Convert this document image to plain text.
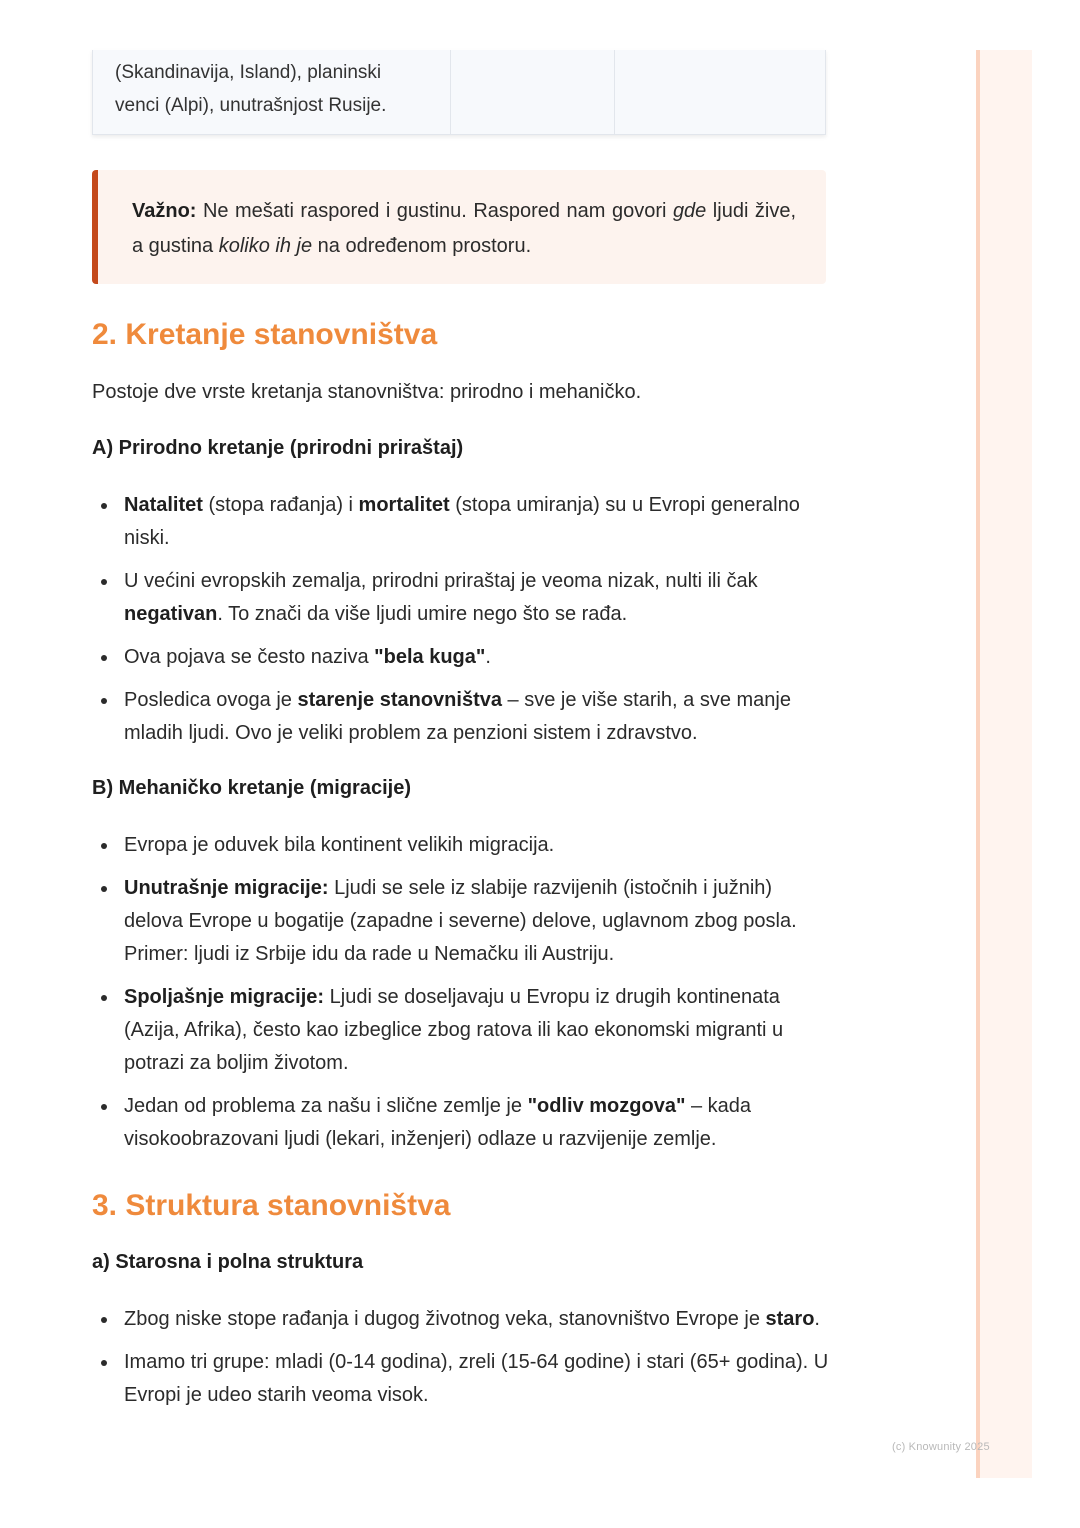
(Skandinavija, Island), planinski
venci (Alpi), unutrašnjost Rusije.
Važno: Ne mešati raspored i gustinu. Raspored nam govori gde ljudi žive, a gustina koliko ih je na određenom prostoru.
2. Kretanje stanovništva

Postoje dve vrste kretanja stanovništva: prirodno i mehaničko.

A) Prirodno kretanje (prirodni priraštaj)

Natalitet (stopa rađanja) i mortalitet (stopa umiranja) su u Evropi generalno niski.
U većini evropskih zemalja, prirodni priraštaj je veoma nizak, nulti ili čak negativan. To znači da više ljudi umire nego što se rađa.
Ova pojava se često naziva "bela kuga".
Posledica ovoga je starenje stanovništva – sve je više starih, a sve manje mladih ljudi. Ovo je veliki problem za penzioni sistem i zdravstvo.

B) Mehaničko kretanje (migracije)

Evropa je oduvek bila kontinent velikih migracija.
Unutrašnje migracije: Ljudi se sele iz slabije razvijenih (istočnih i južnih) delova Evrope u bogatije (zapadne i severne) delove, uglavnom zbog posla. Primer: ljudi iz Srbije idu da rade u Nemačku ili Austriju.
Spoljašnje migracije: Ljudi se doseljavaju u Evropu iz drugih kontinenata (Azija, Afrika), često kao izbeglice zbog ratova ili kao ekonomski migranti u potrazi za boljim životom.
Jedan od problema za našu i slične zemlje je "odliv mozgova" – kada visokoobrazovani ljudi (lekari, inženjeri) odlaze u razvijenije zemlje.
3. Struktura stanovništva

a) Starosna i polna struktura

Zbog niske stope rađanja i dugog životnog veka, stanovništvo Evrope je staro.
Imamo tri grupe: mladi (0-14 godina), zreli (15-64 godine) i stari (65+ godina). U Evropi je udeo starih veoma visok.
(c) Knowunity 2025
